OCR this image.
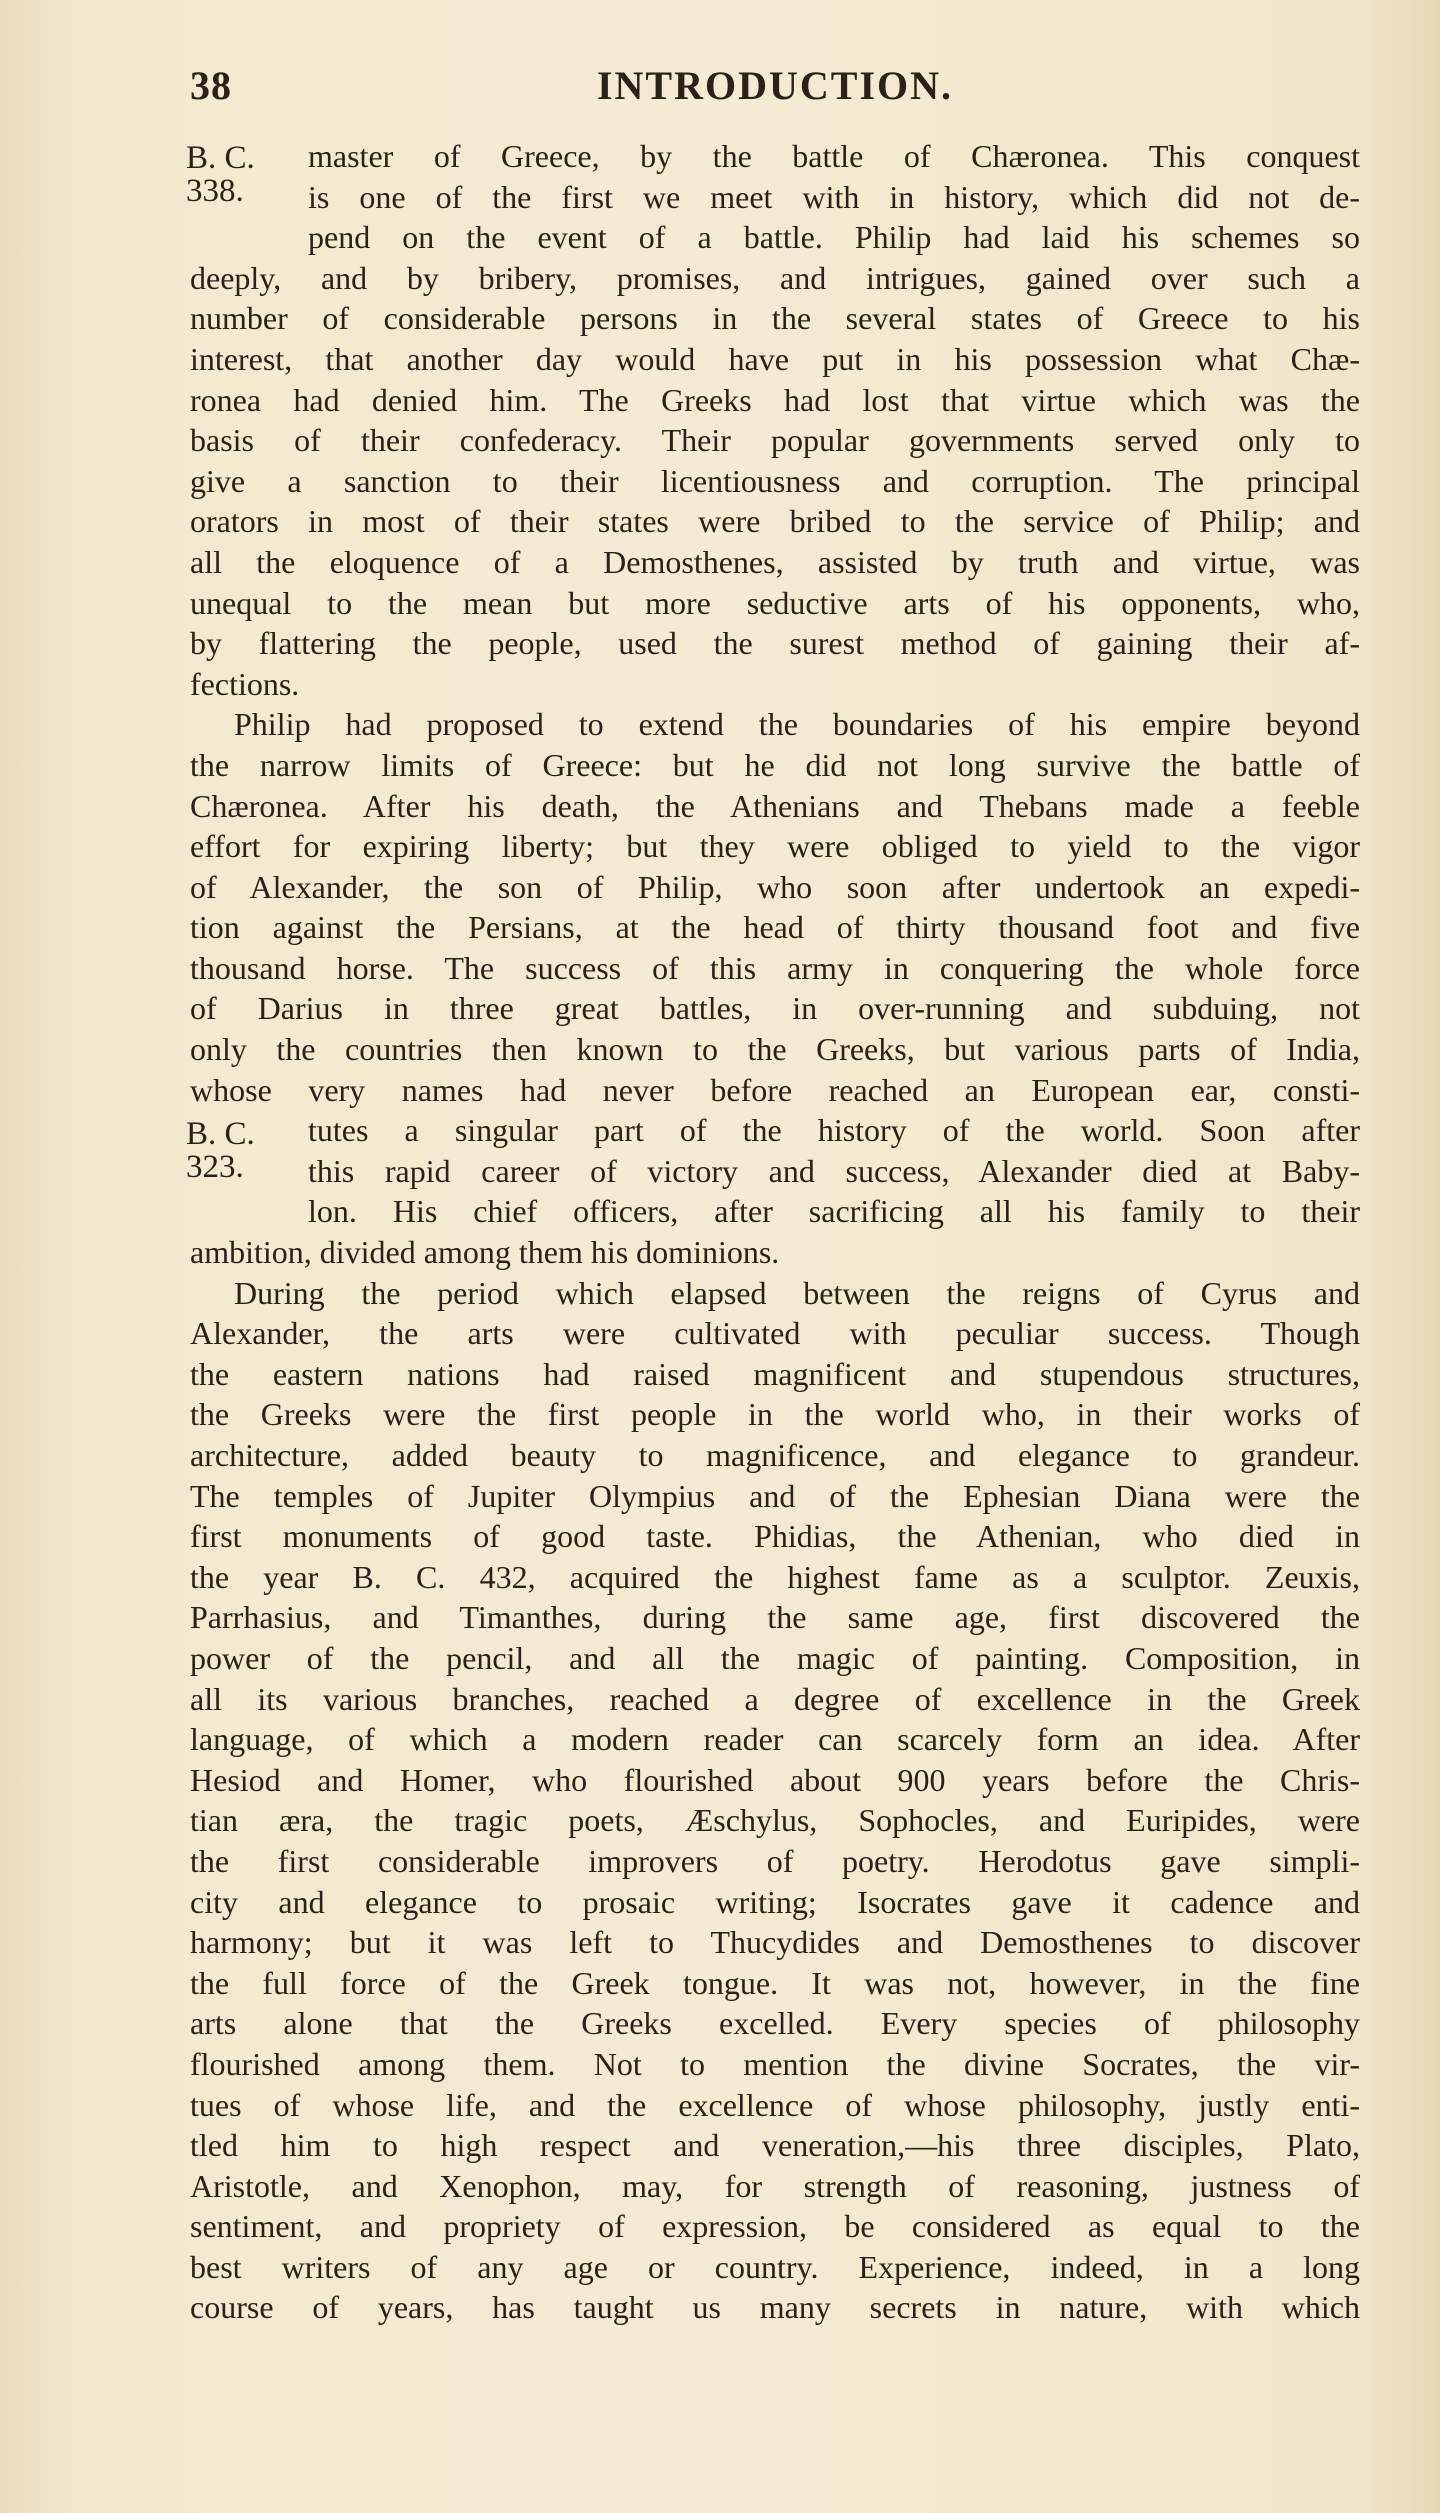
38	INTRODUCTION.
B. C.
338.
B. C.
323.
master of Greece, by the battle of Chæronea. This conquest
is one of the first we meet with in history, which did not de-
pend on the event of a battle. Philip had laid his schemes so
deeply, and by bribery, promises, and intrigues, gained over such a
number of considerable persons in the several states of Greece to his
interest, that another day would have put in his possession what Chæ-
ronea had denied him. The Greeks had lost that virtue which was the
basis of their confederacy. Their popular governments served only to
give a sanction to their licentiousness and corruption. The principal
orators in most of their states were bribed to the service of Philip; and
all the eloquence of a Demosthenes, assisted by truth and virtue, was
unequal to the mean but more seductive arts of his opponents, who,
by flattering the people, used the surest method of gaining their af-
fections.
Philip had proposed to extend the boundaries of his empire beyond
the narrow limits of Greece: but he did not long survive the battle of
Chæronea. After his death, the Athenians and Thebans made a feeble
effort for expiring liberty; but they were obliged to yield to the vigor
of Alexander, the son of Philip, who soon after undertook an expedi-
tion against the Persians, at the head of thirty thousand foot and five
thousand horse. The success of this army in conquering the whole force
of Darius in three great battles, in over-running and subduing, not
only the countries then known to the Greeks, but various parts of India,
whose very names had never before reached an European ear, consti-
tutes a singular part of the history of the world. Soon after
this rapid career of victory and success, Alexander died at Baby-
lon. His chief officers, after sacrificing all his family to their
ambition, divided among them his dominions.
During the period which elapsed between the reigns of Cyrus and
Alexander, the arts were cultivated with peculiar success. Though
the eastern nations had raised magnificent and stupendous structures,
the Greeks were the first people in the world who, in their works of
architecture, added beauty to magnificence, and elegance to grandeur.
The temples of Jupiter Olympius and of the Ephesian Diana were the
first monuments of good taste. Phidias, the Athenian, who died in
the year B. C. 432, acquired the highest fame as a sculptor. Zeuxis,
Parrhasius, and Timanthes, during the same age, first discovered the
power of the pencil, and all the magic of painting. Composition, in
all its various branches, reached a degree of excellence in the Greek
language, of which a modern reader can scarcely form an idea. After
Hesiod and Homer, who flourished about 900 years before the Chris-
tian æra, the tragic poets, Æschylus, Sophocles, and Euripides, were
the first considerable improvers of poetry. Herodotus gave simpli-
city and elegance to prosaic writing; Isocrates gave it cadence and
harmony; but it was left to Thucydides and Demosthenes to discover
the full force of the Greek tongue. It was not, however, in the fine
arts alone that the Greeks excelled. Every species of philosophy
flourished among them. Not to mention the divine Socrates, the vir-
tues of whose life, and the excellence of whose philosophy, justly enti-
tled him to high respect and veneration,—his three disciples, Plato,
Aristotle, and Xenophon, may, for strength of reasoning, justness of
sentiment, and propriety of expression, be considered as equal to the
best writers of any age or country. Experience, indeed, in a long
course of years, has taught us many secrets in nature, with which
